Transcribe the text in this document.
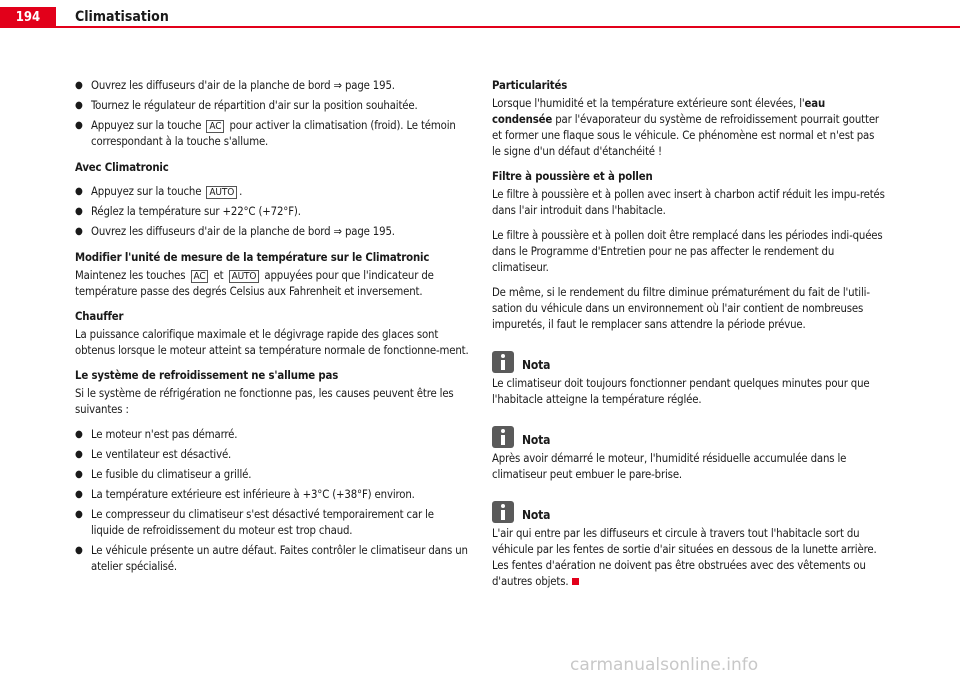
194	Climatisation
● Ouvrez les diffuseurs d'air de la planche de bord ⇒ page 195.
● Tournez le régulateur de répartition d'air sur la position souhaitée.
● Appuyez sur la touche AC pour activer la climatisation (froid). Le témoin correspondant à la touche s'allume.

Avec Climatronic

● Appuyez sur la touche AUTO .
● Réglez la température sur +22°C (+72°F).
● Ouvrez les diffuseurs d'air de la planche de bord ⇒ page 195.

Modifier l'unité de mesure de la température sur le Climatronic

Maintenez les touches AC et AUTO appuyées pour que l'indicateur de température passe des degrés Celsius aux Fahrenheit et inversement.

Chauffer

La puissance calorifique maximale et le dégivrage rapide des glaces sont obtenus lorsque le moteur atteint sa température normale de fonctionne-ment.

Le système de refroidissement ne s'allume pas

Si le système de réfrigération ne fonctionne pas, les causes peuvent être les suivantes :

● Le moteur n'est pas démarré.
● Le ventilateur est désactivé.
● Le fusible du climatiseur a grillé.
● La température extérieure est inférieure à +3°C (+38°F) environ.
● Le compresseur du climatiseur s'est désactivé temporairement car le liquide de refroidissement du moteur est trop chaud.
● Le véhicule présente un autre défaut. Faites contrôler le climatiseur dans un atelier spécialisé.

Particularités

Lorsque l'humidité et la température extérieure sont élevées, l'eau condensée par l'évaporateur du système de refroidissement pourrait goutter et former une flaque sous le véhicule. Ce phénomène est normal et n'est pas le signe d'un défaut d'étanchéité !

Filtre à poussière et à pollen

Le filtre à poussière et à pollen avec insert à charbon actif réduit les impu-retés dans l'air introduit dans l'habitacle.

Le filtre à poussière et à pollen doit être remplacé dans les périodes indi-quées dans le Programme d'Entretien pour ne pas affecter le rendement du climatiseur.

De même, si le rendement du filtre diminue prématurément du fait de l'utili-sation du véhicule dans un environnement où l'air contient de nombreuses impuretés, il faut le remplacer sans attendre la période prévue.

Nota

Le climatiseur doit toujours fonctionner pendant quelques minutes pour que l'habitacle atteigne la température réglée.

Nota

Après avoir démarré le moteur, l'humidité résiduelle accumulée dans le climatiseur peut embuer le pare-brise.

Nota

L'air qui entre par les diffuseurs et circule à travers tout l'habitacle sort du véhicule par les fentes de sortie d'air situées en dessous de la lunette arrière. Les fentes d'aération ne doivent pas être obstruées avec des vêtements ou d'autres objets.

carmanualsonline.info
